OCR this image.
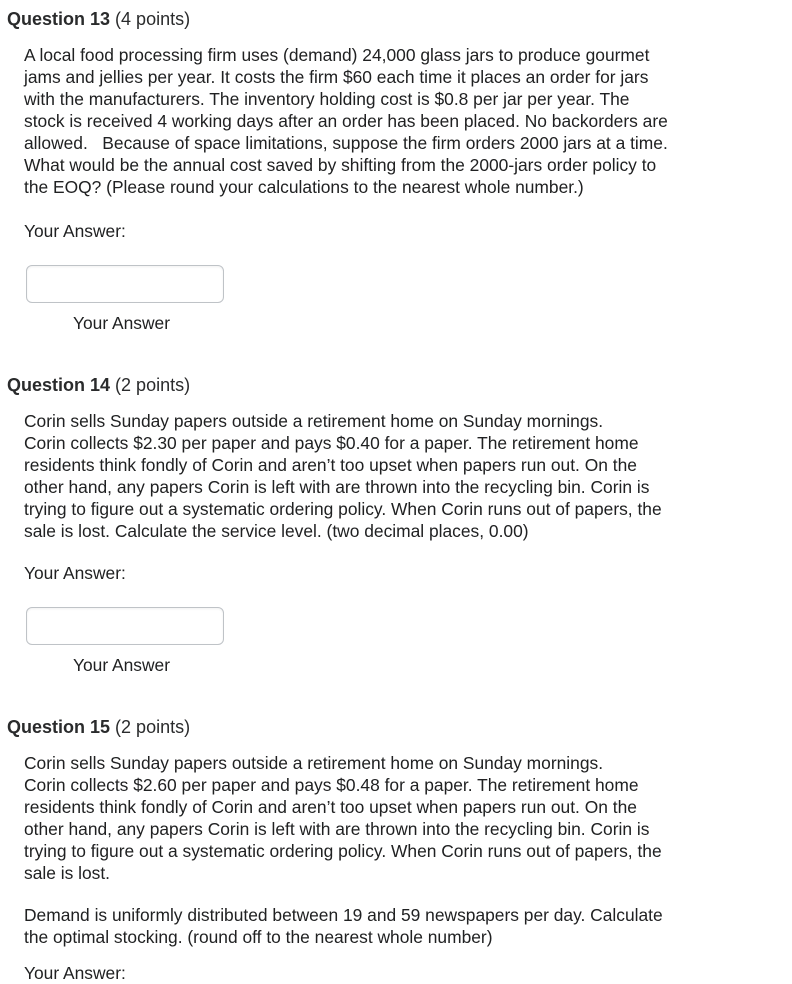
Question 13 (4 points)
A local food processing firm uses (demand) 24,000 glass jars to produce gourmet
jams and jellies per year. It costs the firm $60 each time it places an order for jars
with the manufacturers. The inventory holding cost is $0.8 per jar per year. The
stock is received 4 working days after an order has been placed. No backorders are
allowed.   Because of space limitations, suppose the firm orders 2000 jars at a time.
What would be the annual cost saved by shifting from the 2000-jars order policy to
the EOQ? (Please round your calculations to the nearest whole number.)
Your Answer:
Your Answer
Question 14 (2 points)
Corin sells Sunday papers outside a retirement home on Sunday mornings.
Corin collects $2.30 per paper and pays $0.40 for a paper. The retirement home
residents think fondly of Corin and aren’t too upset when papers run out. On the
other hand, any papers Corin is left with are thrown into the recycling bin. Corin is
trying to figure out a systematic ordering policy. When Corin runs out of papers, the
sale is lost. Calculate the service level. (two decimal places, 0.00)
Your Answer:
Your Answer
Question 15 (2 points)
Corin sells Sunday papers outside a retirement home on Sunday mornings.
Corin collects $2.60 per paper and pays $0.48 for a paper. The retirement home
residents think fondly of Corin and aren’t too upset when papers run out. On the
other hand, any papers Corin is left with are thrown into the recycling bin. Corin is
trying to figure out a systematic ordering policy. When Corin runs out of papers, the
sale is lost.
Demand is uniformly distributed between 19 and 59 newspapers per day. Calculate
the optimal stocking. (round off to the nearest whole number)
Your Answer:
